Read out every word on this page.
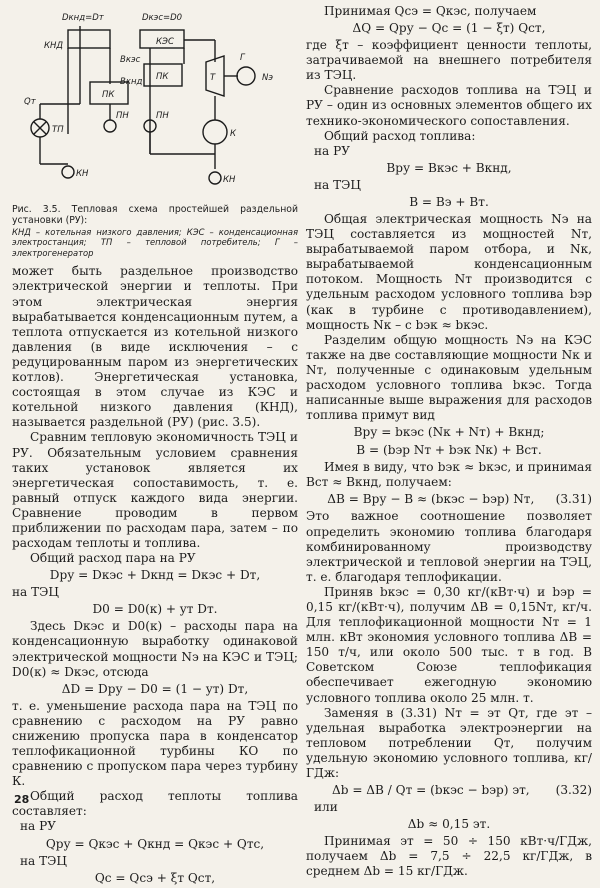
Dкнд=Dт	Dкэс=D0
КНД	КЭС
Bкэс
Bкнд
ПК
ПК
ПН	ПН
Qт
ТП
КН
КН
Т
Г
Nэ
К

Рис. 3.5. Тепловая схема простейшей раздельной установки (РУ):

КНД – котельная низкого давления; КЭС – конденсационная электростанция; ТП – тепловой потребитель; Г – электрогенератор

может быть раздельное производство электрической энергии и теплоты. При этом электрическая энергия вырабатывается конденсационным путем, а теплота отпускается из котельной низкого давления (в виде исключения – с редуцированным паром из энергетических котлов). Энергетическая установка, состоящая в этом случае из КЭС и котельной низкого давления (КНД), называется раздельной (РУ) (рис. 3.5).

Сравним тепловую экономичность ТЭЦ и РУ. Обязательным условием сравнения таких установок является их энергетическая сопоставимость, т. е. равный отпуск каждого вида энергии. Сравнение проводим в первом приближении по расходам пара, затем – по расходам теплоты и топлива.

Общий расход пара на РУ

Dру = Dкэс + Dкнд = Dкэс + Dт,

на ТЭЦ

D0 = D0(к) + yт Dт.

Здесь Dкэс и D0(к) – расходы пара на конденсационную выработку одинаковой электрической мощности Nэ на КЭС и ТЭЦ; D0(к) ≈ Dкэс, отсюда

ΔD = Dру − D0 = (1 − yт) Dт,

т. е. уменьшение расхода пара на ТЭЦ по сравнению с расходом на РУ равно снижению пропуска пара в конденсатор теплофикационной турбины КО по сравнению с пропуском пара через турбину К.

Общий расход теплоты топлива составляет:

на РУ

Qру = Qкэс + Qкнд = Qкэс + Qтс,

на ТЭЦ

Qс = Qсэ + ξт Qст,

Принимая Qсэ = Qкэс, получаем

ΔQ = Qру − Qс = (1 − ξт) Qст,

где ξт – коэффициент ценности теплоты, затрачиваемой на внешнего потребителя из ТЭЦ.

Сравнение расходов топлива на ТЭЦ и РУ – один из основных элементов общего их технико-экономического сопоставления.

Общий расход топлива:

на РУ

Bру = Bкэс + Bкнд,

на ТЭЦ

B = Bэ + Bт.

Общая электрическая мощность Nэ на ТЭЦ составляется из мощностей Nт, вырабатываемой паром отбора, и Nк, вырабатываемой конденсационным потоком. Мощность Nт производится с удельным расходом условного топлива bэр (как в турбине с противодавлением), мощность Nк – с bэк ≈ bкэс.

Разделим общую мощность Nэ на КЭС также на две составляющие мощности Nк и Nт, полученные с одинаковым удельным расходом условного топлива bкэс. Тогда написанные выше выражения для расходов топлива примут вид

Bру = bкэс (Nк + Nт) + Bкнд;
B = (bэр Nт + bэк Nк) + Bст.

Имея в виду, что bэк ≈ bкэс, и принимая Bст ≈ Bкнд, получаем:

ΔB = Bру − B ≈ (bкэс − bэр) Nт,	(3.31)

Это важное соотношение позволяет определить экономию топлива благодаря комбинированному производству электрической и тепловой энергии на ТЭЦ, т. е. благодаря теплофикации.

Приняв bкэс = 0,30 кг/(кВт·ч) и bэр = 0,15 кг/(кВт·ч), получим ΔB = 0,15Nт, кг/ч. Для теплофикационной мощности Nт = 1 млн. кВт экономия условного топлива ΔB = 150 т/ч, или около 500 тыс. т в год. В Советском Союзе теплофикация обеспечивает ежегодную экономию условного топлива около 25 млн. т.

Заменяя в (3.31) Nт = эт Qт, где эт – удельная выработка электроэнергии на тепловом потреблении Qт, получим удельную экономию условного топлива, кг/ГДж:

Δb = ΔB / Qт = (bкэс − bэр) эт,	(3.32)

или

Δb ≈ 0,15 эт.

Принимая эт = 50 ÷ 150 кВт·ч/ГДж, получаем Δb = 7,5 ÷ 22,5 кг/ГДж, в среднем Δb = 15 кг/ГДж.

28
